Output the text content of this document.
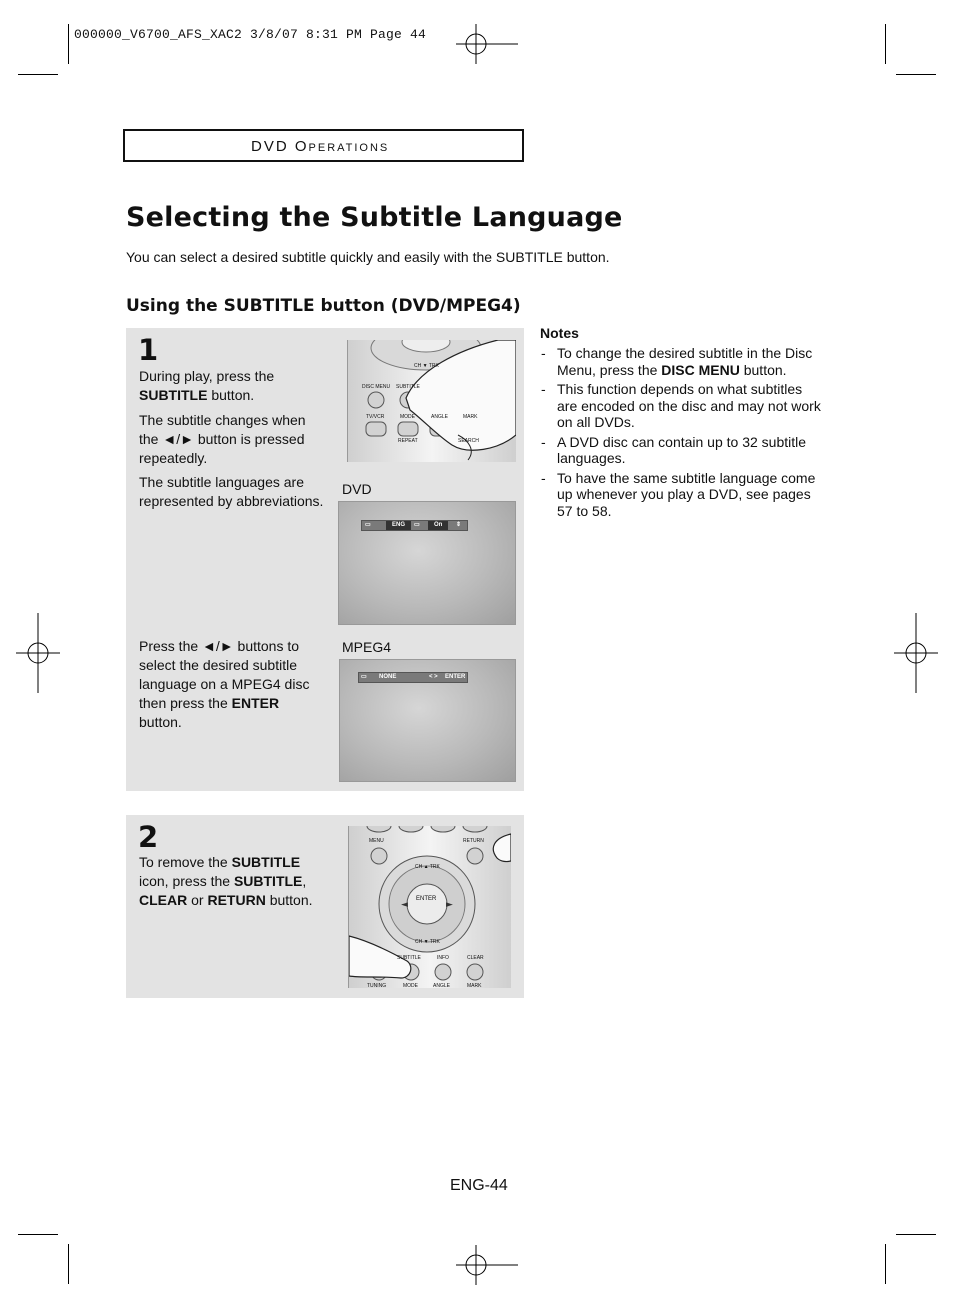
000000_V6700_AFS_XAC2 3/8/07 8:31 PM Page 44
DVD OPERATIONS
Selecting the Subtitle Language
You can select a desired subtitle quickly and easily with the SUBTITLE button.
Using the SUBTITLE button (DVD/MPEG4)
1
During play, press the SUBTITLE button.
The subtitle changes when the ◄/► button is pressed repeatedly.
The subtitle languages are represented by abbreviations.
Press the ◄/► buttons to select the desired subtitle language on a MPEG4 disc then press the ENTER button.
CH ▼ TRK
DISC MENU SUBTITLE
TV/VCR	MODE	ANGLE	MARK
REPEAT	SEARCH
DVD
▭	ENG	▭	On	⇕
MPEG4
▭ NONE	< > ENTER
2
To remove the SUBTITLE icon, press the SUBTITLE, CLEAR or RETURN button.	◄	►
MENU	RETURN
CH ▲ TRK
ENTER
CH ▼ TRK
SUBTITLE	INFO	CLEAR
TUNING	MODE	ANGLE	MARK
Notes
- To change the desired subtitle in the Disc Menu, press the DISC MENU button.
- This function depends on what subtitles are encoded on the disc and may not work on all DVDs.
- A DVD disc can contain up to 32 subtitle languages.
- To have the same subtitle language come up whenever you play a DVD, see pages 57 to 58.
ENG-44
